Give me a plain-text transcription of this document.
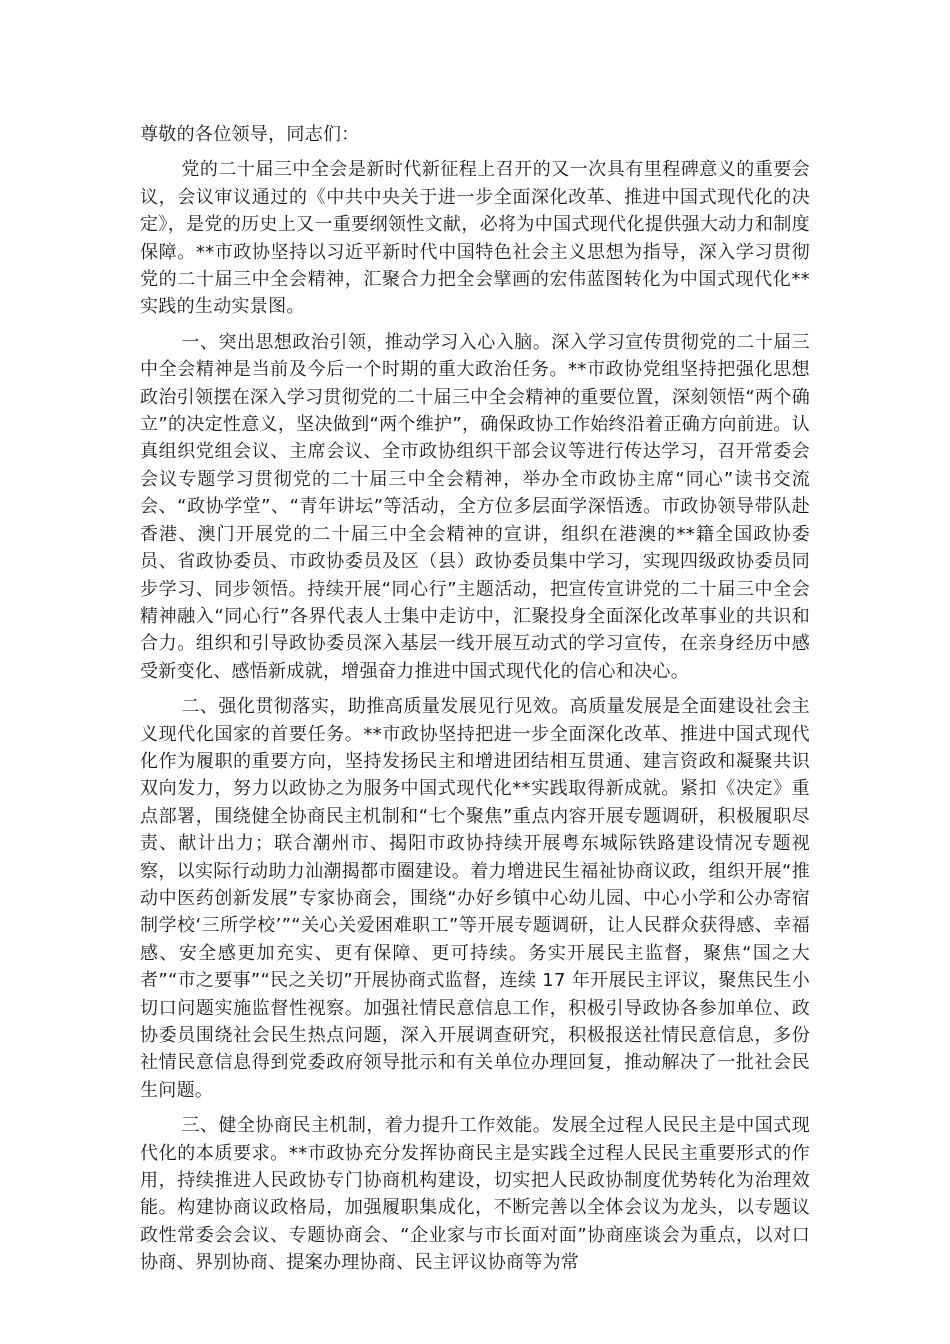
尊敬的各位领导，同志们：

党的二十届三中全会是新时代新征程上召开的又一次具有里程碑意义的重要会议，会议审议通过的《中共中央关于进一步全面深化改革、推进中国式现代化的决定》，是党的历史上又一重要纲领性文献，必将为中国式现代化提供强大动力和制度保障。**市政协坚持以习近平新时代中国特色社会主义思想为指导，深入学习贯彻党的二十届三中全会精神，汇聚合力把全会擘画的宏伟蓝图转化为中国式现代化**实践的生动实景图。

一、突出思想政治引领，推动学习入心入脑。深入学习宣传贯彻党的二十届三中全会精神是当前及今后一个时期的重大政治任务。**市政协党组坚持把强化思想政治引领摆在深入学习贯彻党的二十届三中全会精神的重要位置，深刻领悟“两个确立”的决定性意义，坚决做到“两个维护”，确保政协工作始终沿着正确方向前进。认真组织党组会议、主席会议、全市政协组织干部会议等进行传达学习，召开常委会会议专题学习贯彻党的二十届三中全会精神，举办全市政协主席“同心”读书交流会、“政协学堂”、“青年讲坛”等活动，全方位多层面学深悟透。市政协领导带队赴香港、澳门开展党的二十届三中全会精神的宣讲，组织在港澳的**籍全国政协委员、省政协委员、市政协委员及区（县）政协委员集中学习，实现四级政协委员同步学习、同步领悟。持续开展“同心行”主题活动，把宣传宣讲党的二十届三中全会精神融入“同心行”各界代表人士集中走访中，汇聚投身全面深化改革事业的共识和合力。组织和引导政协委员深入基层一线开展互动式的学习宣传，在亲身经历中感受新变化、感悟新成就，增强奋力推进中国式现代化的信心和决心。

二、强化贯彻落实，助推高质量发展见行见效。高质量发展是全面建设社会主义现代化国家的首要任务。**市政协坚持把进一步全面深化改革、推进中国式现代化作为履职的重要方向，坚持发扬民主和增进团结相互贯通、建言资政和凝聚共识双向发力，努力以政协之为服务中国式现代化**实践取得新成就。紧扣《决定》重点部署，围绕健全协商民主机制和“七个聚焦”重点内容开展专题调研，积极履职尽责、献计出力；联合潮州市、揭阳市政协持续开展粤东城际铁路建设情况专题视察，以实际行动助力汕潮揭都市圈建设。着力增进民生福祉协商议政，组织开展“推动中医药创新发展”专家协商会，围绕“办好乡镇中心幼儿园、中心小学和公办寄宿制学校‘三所学校’”“关心关爱困难职工”等开展专题调研，让人民群众获得感、幸福感、安全感更加充实、更有保障、更可持续。务实开展民主监督，聚焦“国之大者”“市之要事”“民之关切”开展协商式监督，连续 17 年开展民主评议，聚焦民生小切口问题实施监督性视察。加强社情民意信息工作，积极引导政协各参加单位、政协委员围绕社会民生热点问题，深入开展调查研究，积极报送社情民意信息，多份社情民意信息得到党委政府领导批示和有关单位办理回复，推动解决了一批社会民生问题。

三、健全协商民主机制，着力提升工作效能。发展全过程人民民主是中国式现代化的本质要求。**市政协充分发挥协商民主是实践全过程人民民主重要形式的作用，持续推进人民政协专门协商机构建设，切实把人民政协制度优势转化为治理效能。构建协商议政格局，加强履职集成化，不断完善以全体会议为龙头，以专题议政性常委会会议、专题协商会、“企业家与市长面对面”协商座谈会为重点，以对口协商、界别协商、提案办理协商、民主评议协商等为常
